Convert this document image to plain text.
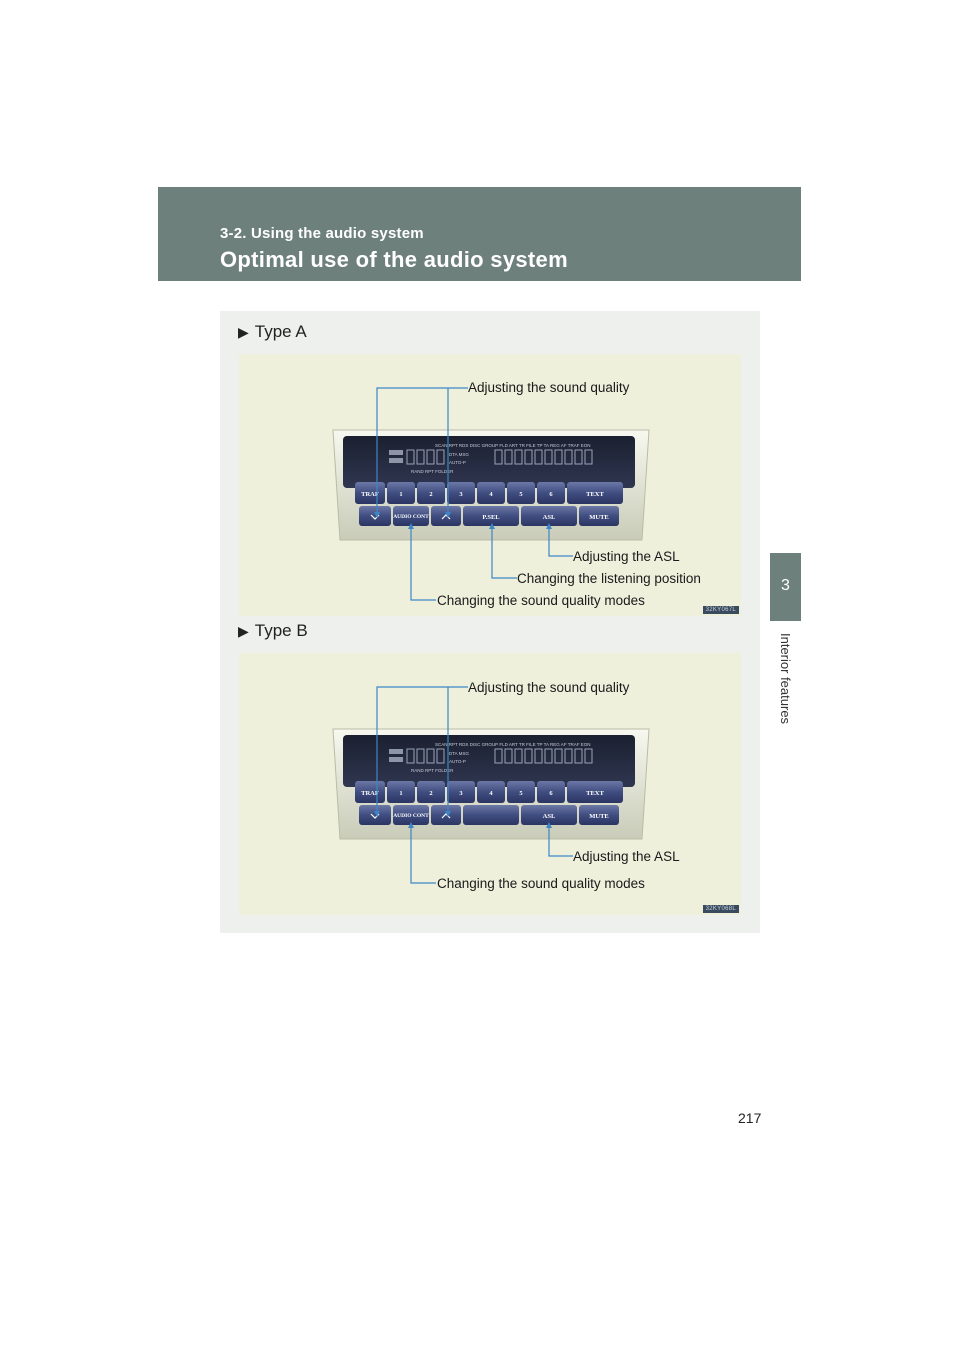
3-2. Using the audio system
Optimal use of the audio system
3
Interior features
▶ Type A
SCAN RPT RDS DISC GROUP FLD ART TR FILE TP TA REG AF TRAF EON
DTA MSG
AUTO-P
RAND RPT FOLDER
TRAF	1	2	3	4	5	6	TEXT
AUDIO CONT	P.SEL	ASL	MUTE
Adjusting the sound quality
Adjusting the ASL
Changing the listening position
Changing the sound quality modes
32KY067L
▶ Type B
SCAN RPT RDS DISC GROUP FLD ART TR FILE TP TA REG AF TRAF EON
DTA MSG
AUTO-P
RAND RPT FOLDER
TRAF	1	2	3	4	5	6	TEXT
AUDIO CONT	ASL	MUTE
Adjusting the sound quality
Adjusting the ASL
Changing the sound quality modes
32KY068L
217
